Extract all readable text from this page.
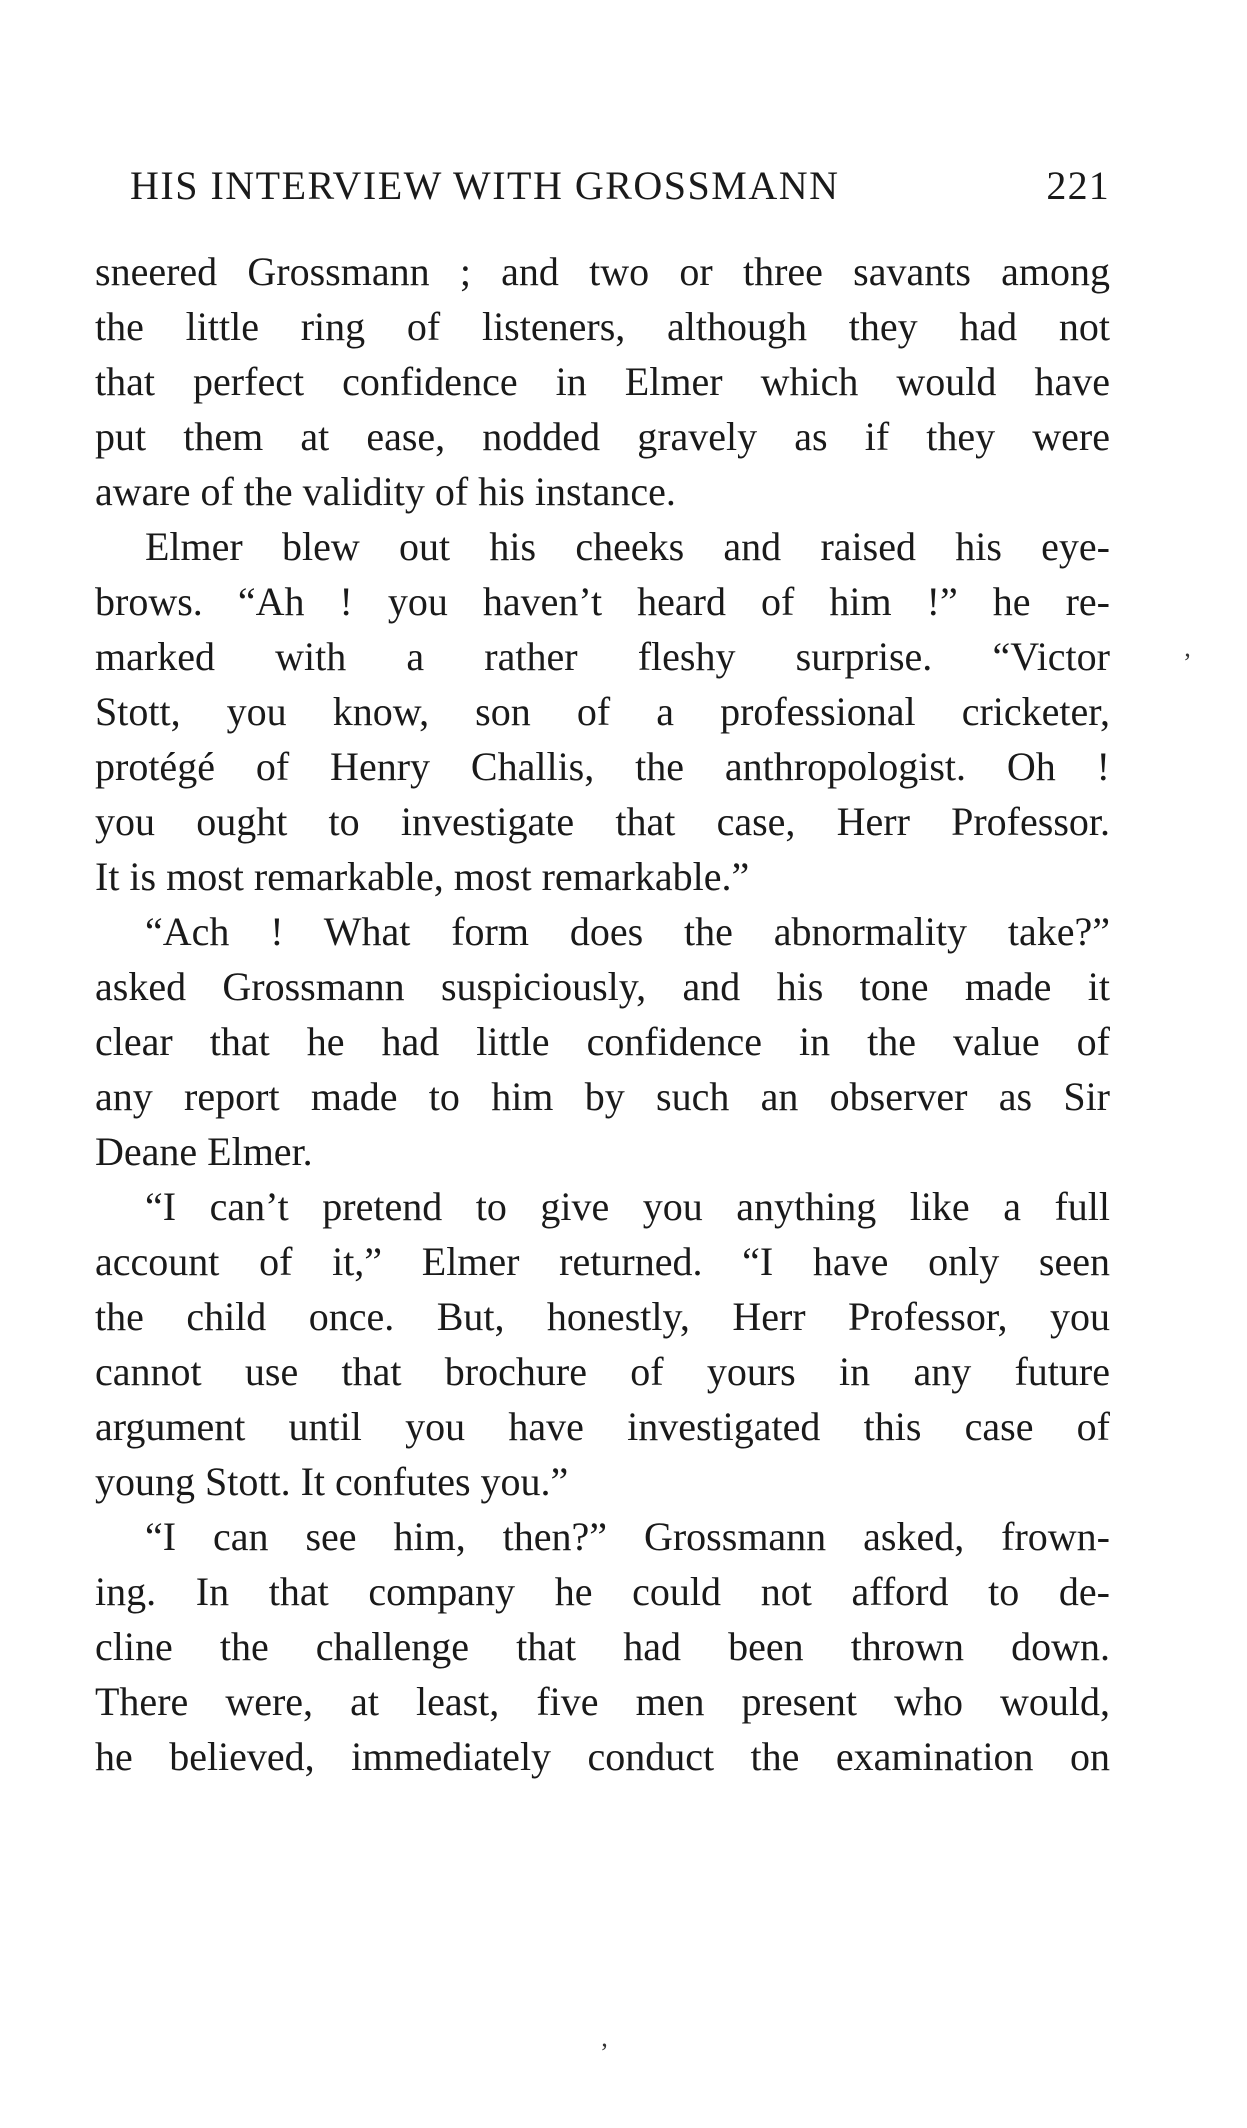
HIS INTERVIEW WITH GROSSMANN	221
sneered Grossmann ; and two or three savants among
the little ring of listeners, although they had not
that perfect confidence in Elmer which would have
put them at ease, nodded gravely as if they were
aware of the validity of his instance.
Elmer blew out his cheeks and raised his eye-
brows. “Ah ! you haven’t heard of him !” he re-
marked with a rather fleshy surprise. “Victor
Stott, you know, son of a professional cricketer,
protégé of Henry Challis, the anthropologist. Oh !
you ought to investigate that case, Herr Professor.
It is most remarkable, most remarkable.”
“Ach ! What form does the abnormality take?”
asked Grossmann suspiciously, and his tone made it
clear that he had little confidence in the value of
any report made to him by such an observer as Sir
Deane Elmer.
“I can’t pretend to give you anything like a full
account of it,” Elmer returned. “I have only seen
the child once. But, honestly, Herr Professor, you
cannot use that brochure of yours in any future
argument until you have investigated this case of
young Stott. It confutes you.”
“I can see him, then?” Grossmann asked, frown-
ing. In that company he could not afford to de-
cline the challenge that had been thrown down.
There were, at least, five men present who would,
he believed, immediately conduct the examination on
’
’
